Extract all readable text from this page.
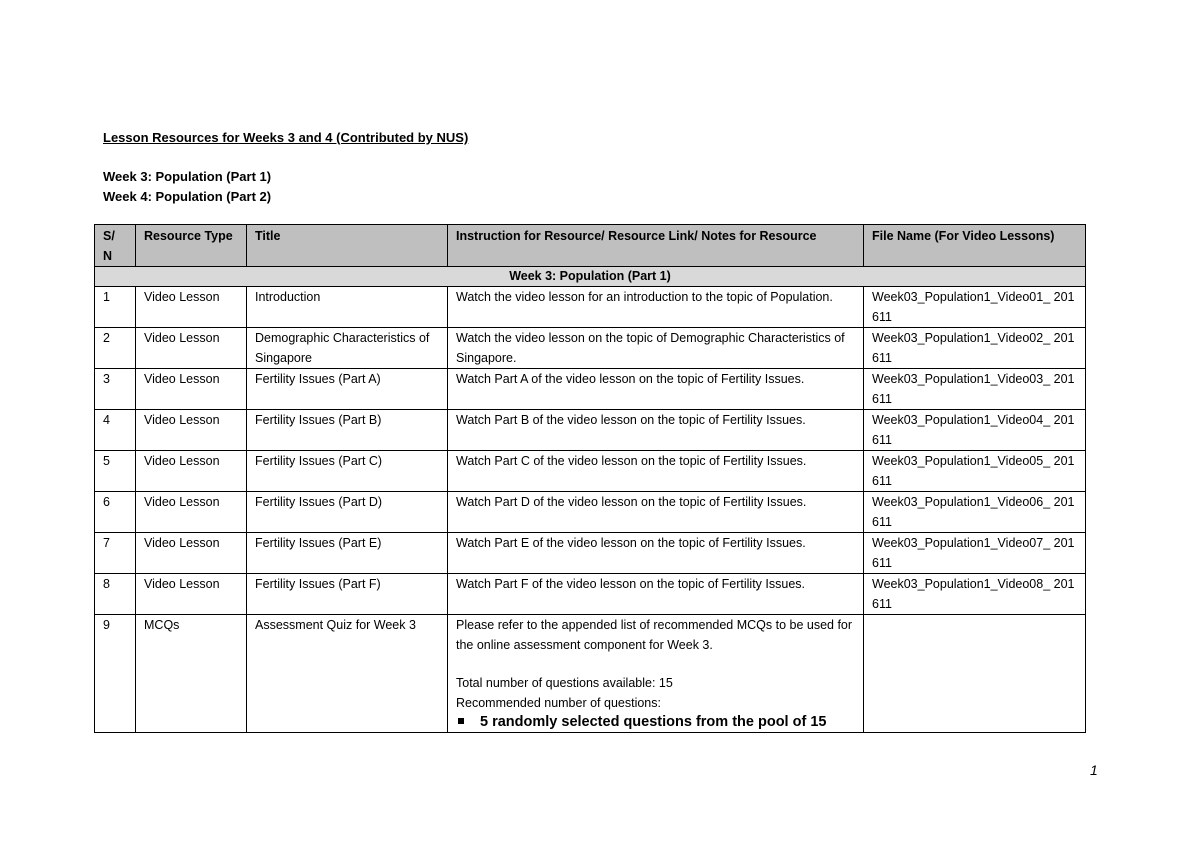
Lesson Resources for Weeks 3 and 4 (Contributed by NUS)
Week 3: Population (Part 1)
Week 4: Population (Part 2)
S/ N	Resource Type	Title	Instruction for Resource/ Resource Link/ Notes for Resource	File Name (For Video Lessons)
Week 3: Population (Part 1)				
1	Video Lesson	Introduction	Watch the video lesson for an introduction to the topic of Population.	Week03_Population1_Video01_ 201611
2	Video Lesson	Demographic Characteristics of Singapore	Watch the video lesson on the topic of Demographic Characteristics of Singapore.	Week03_Population1_Video02_ 201611
3	Video Lesson	Fertility Issues (Part A)	Watch Part A of the video lesson on the topic of Fertility Issues.	Week03_Population1_Video03_ 201611
4	Video Lesson	Fertility Issues (Part B)	Watch Part B of the video lesson on the topic of Fertility Issues.	Week03_Population1_Video04_ 201611
5	Video Lesson	Fertility Issues (Part C)	Watch Part C of the video lesson on the topic of Fertility Issues.	Week03_Population1_Video05_ 201611
6	Video Lesson	Fertility Issues (Part D)	Watch Part D of the video lesson on the topic of Fertility Issues.	Week03_Population1_Video06_ 201611
7	Video Lesson	Fertility Issues (Part E)	Watch Part E of the video lesson on the topic of Fertility Issues.	Week03_Population1_Video07_ 201611
8	Video Lesson	Fertility Issues (Part F)	Watch Part F of the video lesson on the topic of Fertility Issues.	Week03_Population1_Video08_ 201611
9	MCQs	Assessment Quiz for Week 3	Please refer to the appended list of recommended MCQs to be used for the online assessment component for Week 3.
Total number of questions available: 15
Recommended number of questions:
5 randomly selected questions from the pool of 15	

1
